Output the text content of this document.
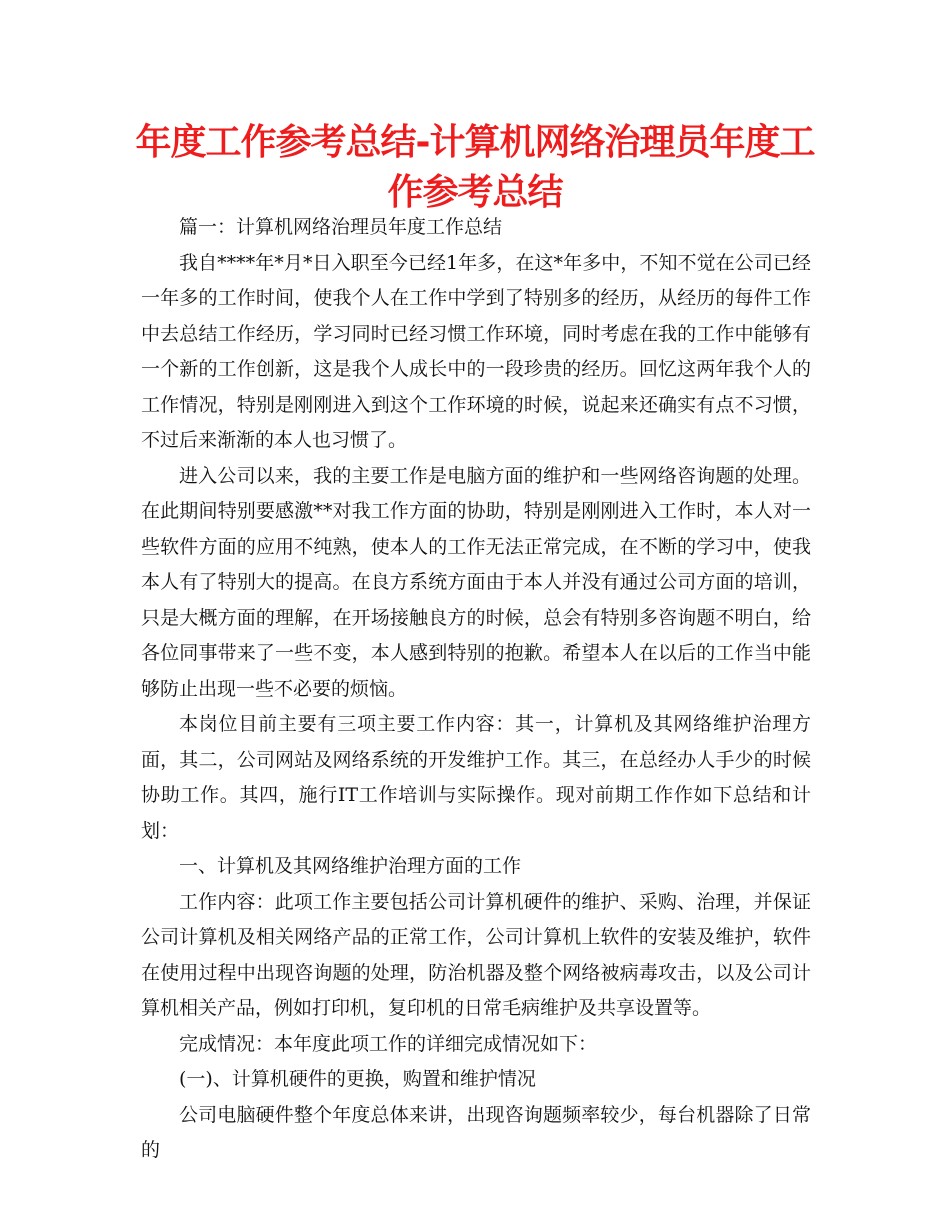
年度工作参考总结-计算机网络治理员年度工作参考总结

篇一：计算机网络治理员年度工作总结

我自****年*月*日入职至今已经1年多，在这*年多中，不知不觉在公司已经一年多的工作时间，使我个人在工作中学到了特别多的经历，从经历的每件工作中去总结工作经历，学习同时已经习惯工作环境，同时考虑在我的工作中能够有一个新的工作创新，这是我个人成长中的一段珍贵的经历。回忆这两年我个人的工作情况，特别是刚刚进入到这个工作环境的时候，说起来还确实有点不习惯，不过后来渐渐的本人也习惯了。

进入公司以来，我的主要工作是电脑方面的维护和一些网络咨询题的处理。在此期间特别要感激**对我工作方面的协助，特别是刚刚进入工作时，本人对一些软件方面的应用不纯熟，使本人的工作无法正常完成，在不断的学习中，使我本人有了特别大的提高。在良方系统方面由于本人并没有通过公司方面的培训，只是大概方面的理解，在开场接触良方的时候，总会有特别多咨询题不明白，给各位同事带来了一些不变，本人感到特别的抱歉。希望本人在以后的工作当中能够防止出现一些不必要的烦恼。

本岗位目前主要有三项主要工作内容：其一，计算机及其网络维护治理方面，其二，公司网站及网络系统的开发维护工作。其三，在总经办人手少的时候协助工作。其四，施行IT工作培训与实际操作。现对前期工作作如下总结和计划：

一、计算机及其网络维护治理方面的工作

工作内容：此项工作主要包括公司计算机硬件的维护、采购、治理，并保证公司计算机及相关网络产品的正常工作，公司计算机上软件的安装及维护，软件在使用过程中出现咨询题的处理，防治机器及整个网络被病毒攻击，以及公司计算机相关产品，例如打印机，复印机的日常毛病维护及共享设置等。

完成情况：本年度此项工作的详细完成情况如下：

(一)、计算机硬件的更换，购置和维护情况

公司电脑硬件整个年度总体来讲，出现咨询题频率较少，每台机器除了日常的
